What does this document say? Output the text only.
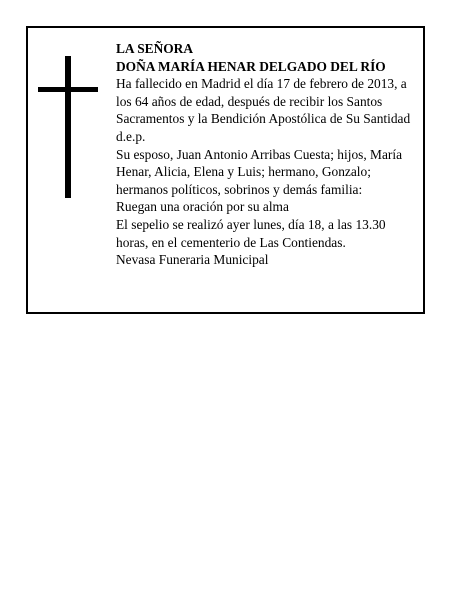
LA SEÑORA

DOÑA MARÍA HENAR DELGADO DEL RÍO

Ha fallecido en Madrid el día 17 de febrero de 2013, a los 64 años de edad, después de recibir los Santos Sacramentos y la Bendición Apostólica de Su Santidad d.e.p.

Su esposo, Juan Antonio Arribas Cuesta; hijos, María Henar, Alicia, Elena y Luis; hermano, Gonzalo; hermanos políticos, sobrinos y demás familia:

Ruegan una oración por su alma

El sepelio se realizó ayer lunes, día 18, a las 13.30 horas, en el cementerio de Las Contiendas.

Nevasa Funeraria Municipal
